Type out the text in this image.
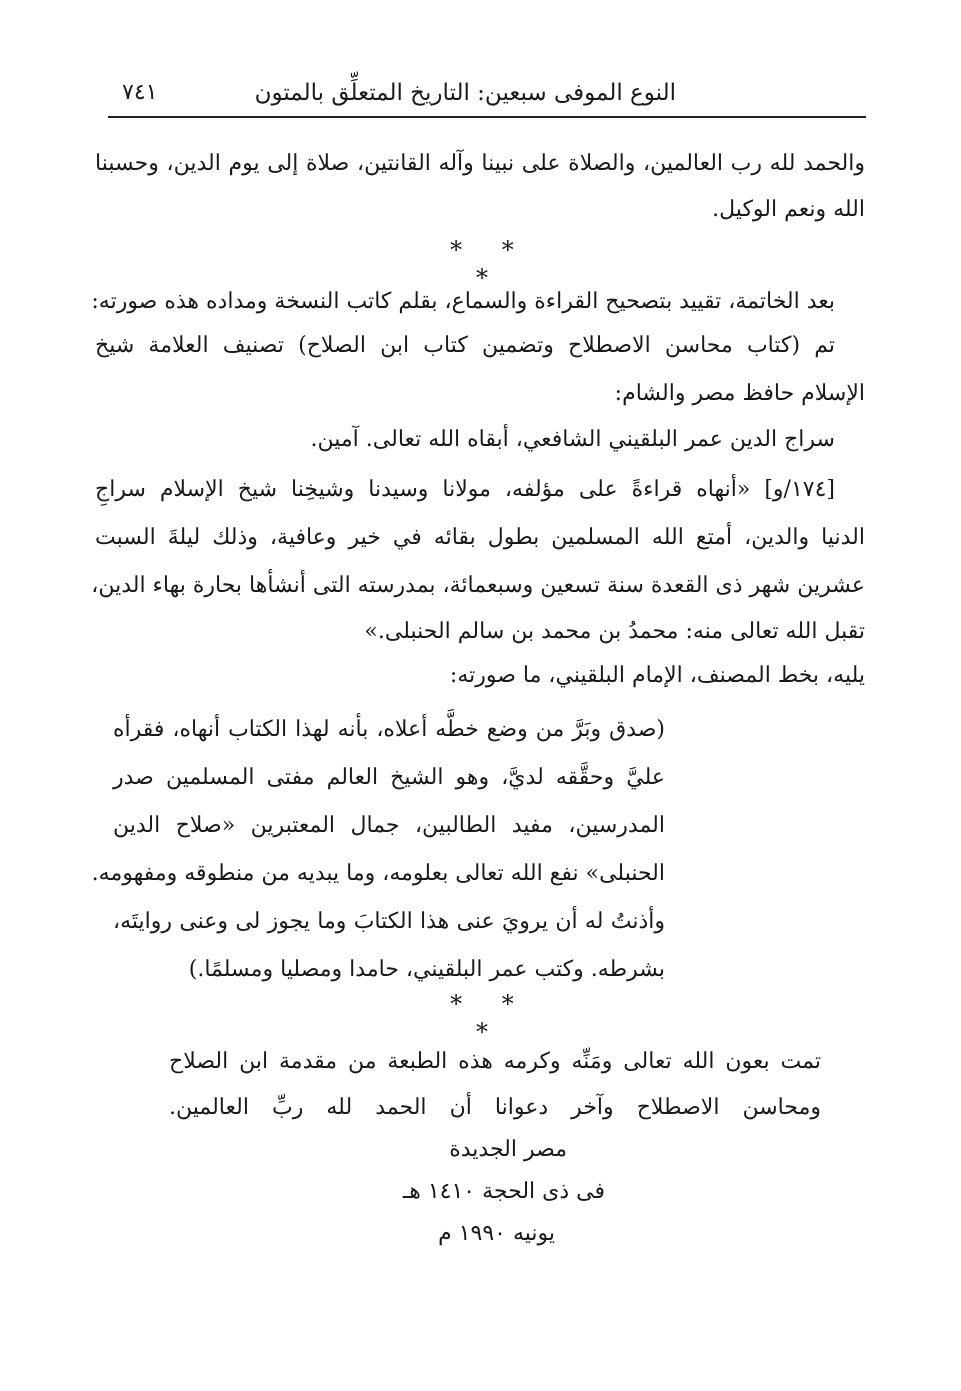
النوع الموفى سبعين: التاريخ المتعلِّق بالمتون
٧٤١
والحمد لله رب العالمين، والصلاة على نبينا وآله القانتين، صلاة إلى يوم الدين، وحسبنا
الله ونعم الوكيل.
* * *
بعد الخاتمة، تقييد بتصحيح القراءة والسماع، بقلم كاتب النسخة ومداده هذه صورته:
تم (كتاب محاسن الاصطلاح وتضمين كتاب ابن الصلاح) تصنيف العلامة شيخ
الإسلام حافظ مصر والشام:
سراج الدين عمر البلقيني الشافعي، أبقاه الله تعالى. آمين.
[١٧٤/و] «أنهاه قراءةً على مؤلفه، مولانا وسيدنا وشيخِنا شيخ الإسلام سراجِ
الدنيا والدين، أمتع الله المسلمين بطول بقائه في خير وعافية، وذلك ليلةَ السبت
عشرين شهر ذى القعدة سنة تسعين وسبعمائة، بمدرسته التى أنشأها بحارة بهاء الدين،
تقبل الله تعالى منه: محمدُ بن محمد بن سالم الحنبلى.»
يليه، بخط المصنف، الإمام البلقيني، ما صورته:
(صدق وبَرَّ من وضع خطَّه أعلاه، بأنه لهذا الكتاب أنهاه، فقرأه
عليَّ وحقَّقه لديَّ، وهو الشيخ العالم مفتى المسلمين صدر
المدرسين، مفيد الطالبين، جمال المعتبرين «صلاح الدين
الحنبلى» نفع الله تعالى بعلومه، وما يبديه من منطوقه ومفهومه.
وأذنتُ له أن يرويَ عنى هذا الكتابَ وما يجوز لى وعنى روايتَه،
بشرطه. وكتب عمر البلقيني، حامدا ومصليا ومسلمًا.)
* * *
تمت بعون الله تعالى ومَنِّه وكرمه هذه الطبعة من مقدمة ابن الصلاح
ومحاسن الاصطلاح وآخر دعوانا أن الحمد لله ربِّ العالمين.
مصر الجديدة
فى ذى الحجة ١٤١٠ هـ
يونيه ١٩٩٠ م
